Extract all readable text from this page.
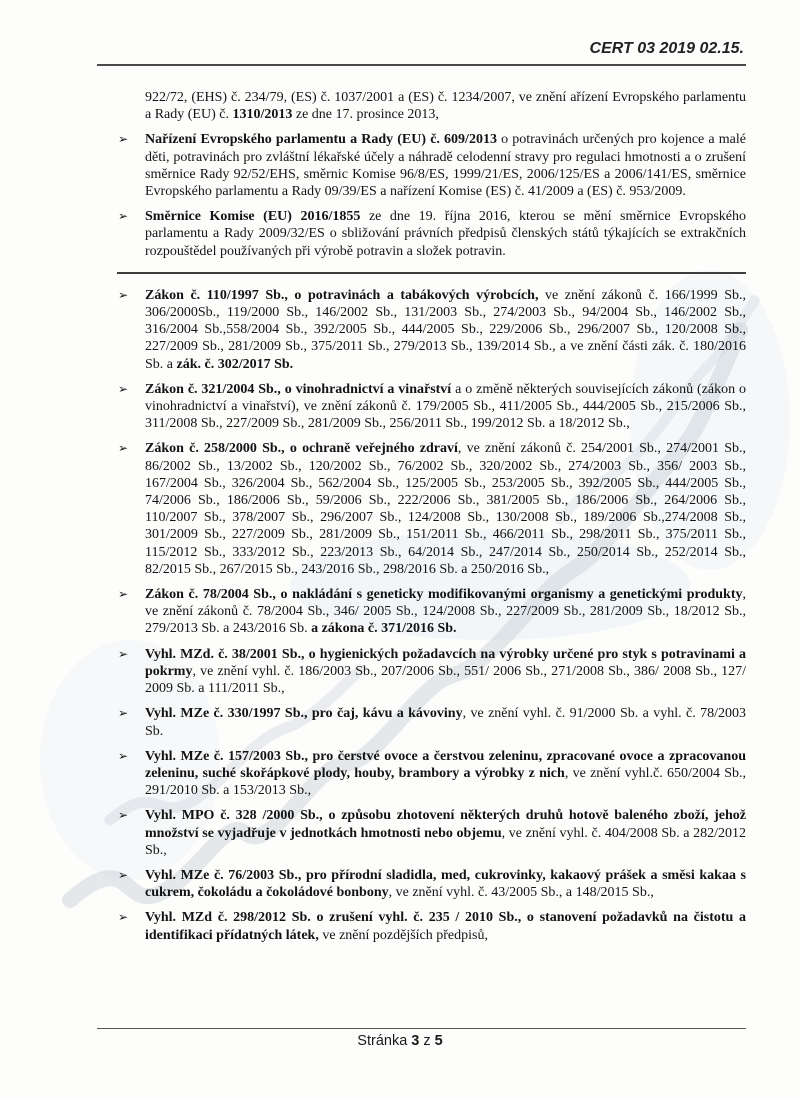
CERT 03 2019 02.15.
922/72, (EHS) č. 234/79, (ES) č. 1037/2001 a (ES) č. 1234/2007, ve znění ařízení Evropského parlamentu a Rady (EU) č. 1310/2013 ze dne 17. prosince 2013,
➢ Nařízení Evropského parlamentu a Rady (EU) č. 609/2013 o potravinách určených pro kojence a malé děti, potravinách pro zvláštní lékařské účely a náhradě celodenní stravy pro regulaci hmotnosti a o zrušení směrnice Rady 92/52/EHS, směrnic Komise 96/8/ES, 1999/21/ES, 2006/125/ES a 2006/141/ES, směrnice Evropského parlamentu a Rady 09/39/ES a nařízení Komise (ES) č. 41/2009 a (ES) č. 953/2009.
➢ Směrnice Komise (EU) 2016/1855 ze dne 19. října 2016, kterou se mění směrnice Evropského parlamentu a Rady 2009/32/ES o sbližování právních předpisů členských států týkajících se extrakčních rozpouštědel používaných při výrobě potravin a složek potravin.
➢ Zákon č. 110/1997 Sb., o potravinách a tabákových výrobcích, ve znění zákonů č. 166/1999 Sb., 306/2000Sb., 119/2000 Sb., 146/2002 Sb., 131/2003 Sb., 274/2003 Sb., 94/2004 Sb., 146/2002 Sb., 316/2004 Sb.,558/2004 Sb., 392/2005 Sb., 444/2005 Sb., 229/2006 Sb., 296/2007 Sb., 120/2008 Sb., 227/2009 Sb., 281/2009 Sb., 375/2011 Sb., 279/2013 Sb., 139/2014 Sb., a ve znění části zák. č. 180/2016 Sb. a zák. č. 302/2017 Sb.
➢ Zákon č. 321/2004 Sb., o vinohradnictví a vinařství a o změně některých souvisejících zákonů (zákon o vinohradnictví a vinařství), ve znění zákonů č. 179/2005 Sb., 411/2005 Sb., 444/2005 Sb., 215/2006 Sb., 311/2008 Sb., 227/2009 Sb., 281/2009 Sb., 256/2011 Sb., 199/2012 Sb. a 18/2012 Sb.,
➢ Zákon č. 258/2000 Sb., o ochraně veřejného zdraví, ve znění zákonů č. 254/2001 Sb., 274/2001 Sb., 86/2002 Sb., 13/2002 Sb., 120/2002 Sb., 76/2002 Sb., 320/2002 Sb., 274/2003 Sb., 356/ 2003 Sb., 167/2004 Sb., 326/2004 Sb., 562/2004 Sb., 125/2005 Sb., 253/2005 Sb., 392/2005 Sb., 444/2005 Sb., 74/2006 Sb., 186/2006 Sb., 59/2006 Sb., 222/2006 Sb., 381/2005 Sb., 186/2006 Sb., 264/2006 Sb., 110/2007 Sb., 378/2007 Sb., 296/2007 Sb., 124/2008 Sb., 130/2008 Sb., 189/2006 Sb.,274/2008 Sb., 301/2009 Sb., 227/2009 Sb., 281/2009 Sb., 151/2011 Sb., 466/2011 Sb., 298/2011 Sb., 375/2011 Sb., 115/2012 Sb., 333/2012 Sb., 223/2013 Sb., 64/2014 Sb., 247/2014 Sb., 250/2014 Sb., 252/2014 Sb., 82/2015 Sb., 267/2015 Sb., 243/2016 Sb., 298/2016 Sb. a 250/2016 Sb.,
➢ Zákon č. 78/2004 Sb., o nakládání s geneticky modifikovanými organismy a genetickými produkty, ve znění zákonů č. 78/2004 Sb., 346/ 2005 Sb., 124/2008 Sb., 227/2009 Sb., 281/2009 Sb., 18/2012 Sb., 279/2013 Sb. a 243/2016 Sb. a zákona č. 371/2016 Sb.
➢ Vyhl. MZd. č. 38/2001 Sb., o hygienických požadavcích na výrobky určené pro styk s potravinami a pokrmy, ve znění vyhl. č. 186/2003 Sb., 207/2006 Sb., 551/ 2006 Sb., 271/2008 Sb., 386/ 2008 Sb., 127/ 2009 Sb. a 111/2011 Sb.,
➢ Vyhl. MZe č. 330/1997 Sb., pro čaj, kávu a kávoviny, ve znění vyhl. č. 91/2000 Sb. a vyhl. č. 78/2003 Sb.
➢ Vyhl. MZe č. 157/2003 Sb., pro čerstvé ovoce a čerstvou zeleninu, zpracované ovoce a zpracovanou zeleninu, suché skořápkové plody, houby, brambory a výrobky z nich, ve znění vyhl.č. 650/2004 Sb., 291/2010 Sb. a 153/2013 Sb.,
➢ Vyhl. MPO č. 328 /2000 Sb., o způsobu zhotovení některých druhů hotově baleného zboží, jehož množství se vyjadřuje v jednotkách hmotnosti nebo objemu, ve znění vyhl. č. 404/2008 Sb. a 282/2012 Sb.,
➢ Vyhl. MZe č. 76/2003 Sb., pro přírodní sladidla, med, cukrovinky, kakaový prášek a směsi kakaa s cukrem, čokoládu a čokoládové bonbony, ve znění vyhl. č. 43/2005 Sb., a 148/2015 Sb.,
➢ Vyhl. MZd č. 298/2012 Sb. o zrušení vyhl. č. 235 / 2010 Sb., o stanovení požadavků na čistotu a identifikaci přídatných látek, ve znění pozdějších předpisů,
Stránka 3 z 5
